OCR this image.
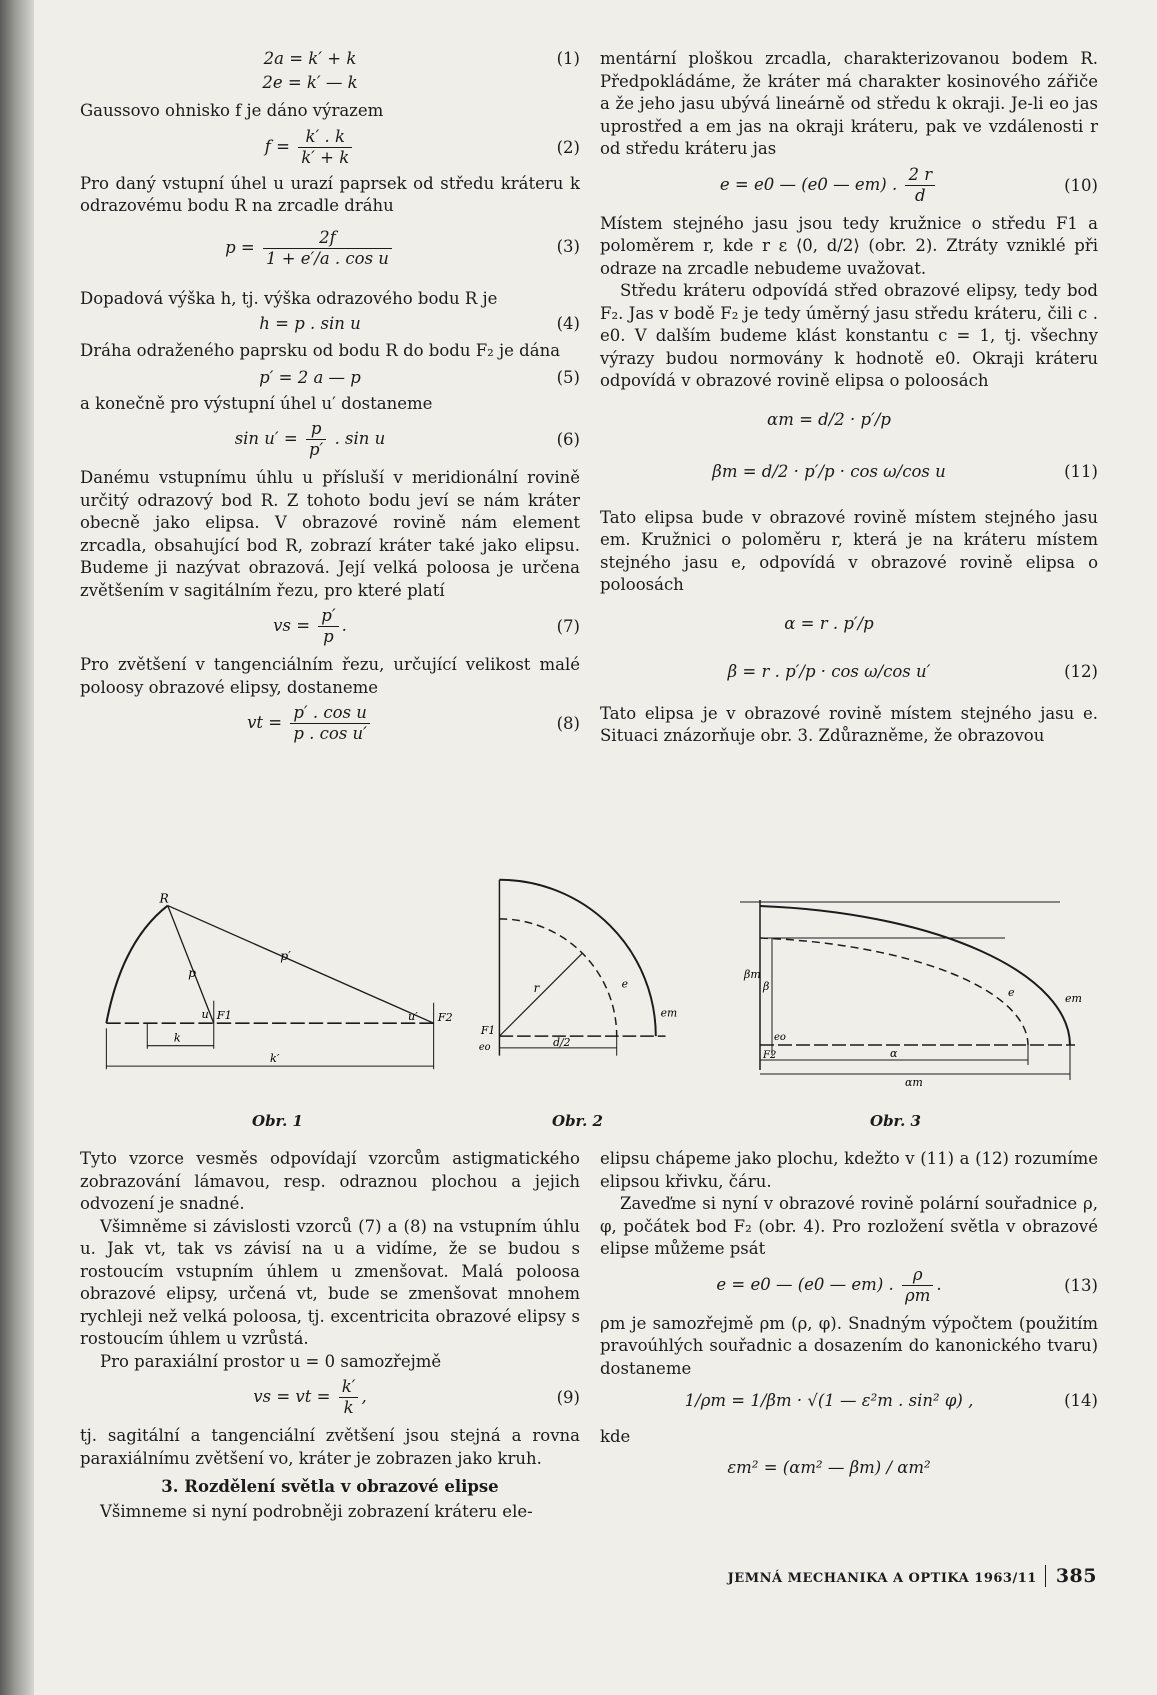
2a = k′ + k	(1)
2e = k′ — k

Gaussovo ohnisko f je dáno výrazem

$f = \frac{k' . k}{k' + k}$	(2)

Pro daný vstupní úhel u urazí paprsek od středu kráteru k odrazovému bodu R na zrcadle dráhu

$p = \frac{2f}{\text{1 + e′/a . cos u}}$	(3)

Dopadová výška h, tj. výška odrazového bodu R je

h = p . sin u	(4)

Dráha odraženého paprsku od bodu R do bodu F₂ je dána

p′ = 2 a — p	(5)

a konečně pro výstupní úhel u′ dostaneme

$\sin u' = \frac{p}{p'}$ . sin u	(6)

Danému vstupnímu úhlu u přísluší v meridionální rovině určitý odrazový bod R. Z tohoto bodu jeví se nám kráter obecně jako elipsa. V obrazové rovině nám element zrcadla, obsahující bod R, zobrazí kráter také jako elipsu. Budeme ji nazývat obrazová. Její velká poloosa je určena zvětšením v sagitálním řezu, pro které platí

vs = $\frac{p'}{p}$ .	(7)

Pro zvětšení v tangenciálním řezu, určující velikost malé poloosy obrazové elipsy, dostaneme

vt = $\frac{\text{p′ . cos u}}{\text{p . cos u′}}$	(8)

mentární ploškou zrcadla, charakterizovanou bodem R. Předpokládáme, že kráter má charakter kosinového zářiče a že jeho jasu ubývá lineárně od středu k okraji. Je-li eo jas uprostřed a em jas na okraji kráteru, pak ve vzdálenosti r od středu kráteru jas

e = e0 — (e0 — em) . $\frac{2 r}{d}$	(10)

Místem stejného jasu jsou tedy kružnice o středu F1 a poloměrem r, kde r ε ⟨0, d/2⟩ (obr. 2). Ztráty vzniklé při odraze na zrcadle nebudeme uvažovat.

Středu kráteru odpovídá střed obrazové elipsy, tedy bod F₂. Jas v bodě F₂ je tedy úměrný jasu středu kráteru, čili c . e0. V dalším budeme klást konstantu c = 1, tj. všechny výrazy budou normovány k hodnotě e0. Okraji kráteru odpovídá v obrazové rovině elipsa o poloosách

αm = d/2 · p′/p
βm = d/2 · p′/p · cos ω/cos u	(11)

Tato elipsa bude v obrazové rovině místem stejného jasu em. Kružnici o poloměru r, která je na kráteru místem stejného jasu e, odpovídá v obrazové rovině elipsa o poloosách

α = r . p′/p
β = r . p′/p · cos ω/cos u′	(12)

Tato elipsa je v obrazové rovině místem stejného jasu e. Situaci znázorňuje obr. 3. Zdůrazněme, že obrazovou

R
p
p′
u F1	u′ F2
k
k′
Obr. 1
r	e
em
F1
eo	d/2
Obr. 2
βm
β	e	em
eo
F2	α
αm
Obr. 3

Tyto vzorce vesměs odpovídají vzorcům astigmatického zobrazování lámavou, resp. odraznou plochou a jejich odvození je snadné.

Všimněme si závislosti vzorců (7) a (8) na vstupním úhlu u. Jak vt, tak vs závisí na u a vidíme, že se budou s rostoucím vstupním úhlem u zmenšovat. Malá poloosa obrazové elipsy, určená vt, bude se zmenšovat mnohem rychleji než velká poloosa, tj. excentricita obrazové elipsy s rostoucím úhlem u vzrůstá.

Pro paraxiální prostor u = 0 samozřejmě

vs = vt = $\frac{k'}{k}$ ,	(9)

tj. sagitální a tangenciální zvětšení jsou stejná a rovna paraxiálnímu zvětšení vo, kráter je zobrazen jako kruh.

3. Rozdělení světla v obrazové elipse

Všimneme si nyní podrobněji zobrazení kráteru ele-

elipsu chápeme jako plochu, kdežto v (11) a (12) rozumíme elipsou křivku, čáru.

Zaveďme si nyní v obrazové rovině polární souřadnice ρ, φ, počátek bod F₂ (obr. 4). Pro rozložení světla v obrazové elipse můžeme psát

e = e0 — (e0 — em) . $\frac{\rho}{\rho m}$ .	(13)

ρm je samozřejmě ρm (ρ, φ). Snadným výpočtem (použitím pravoúhlých souřadnic a dosazením do kanonického tvaru) dostaneme

1/ρm = 1/βm · √(1 — ε²m . sin² φ) ,	(14)

kde

εm² = (αm² — βm) / αm²
JEMNÁ MECHANIKA A OPTIKA 1963/11 385
